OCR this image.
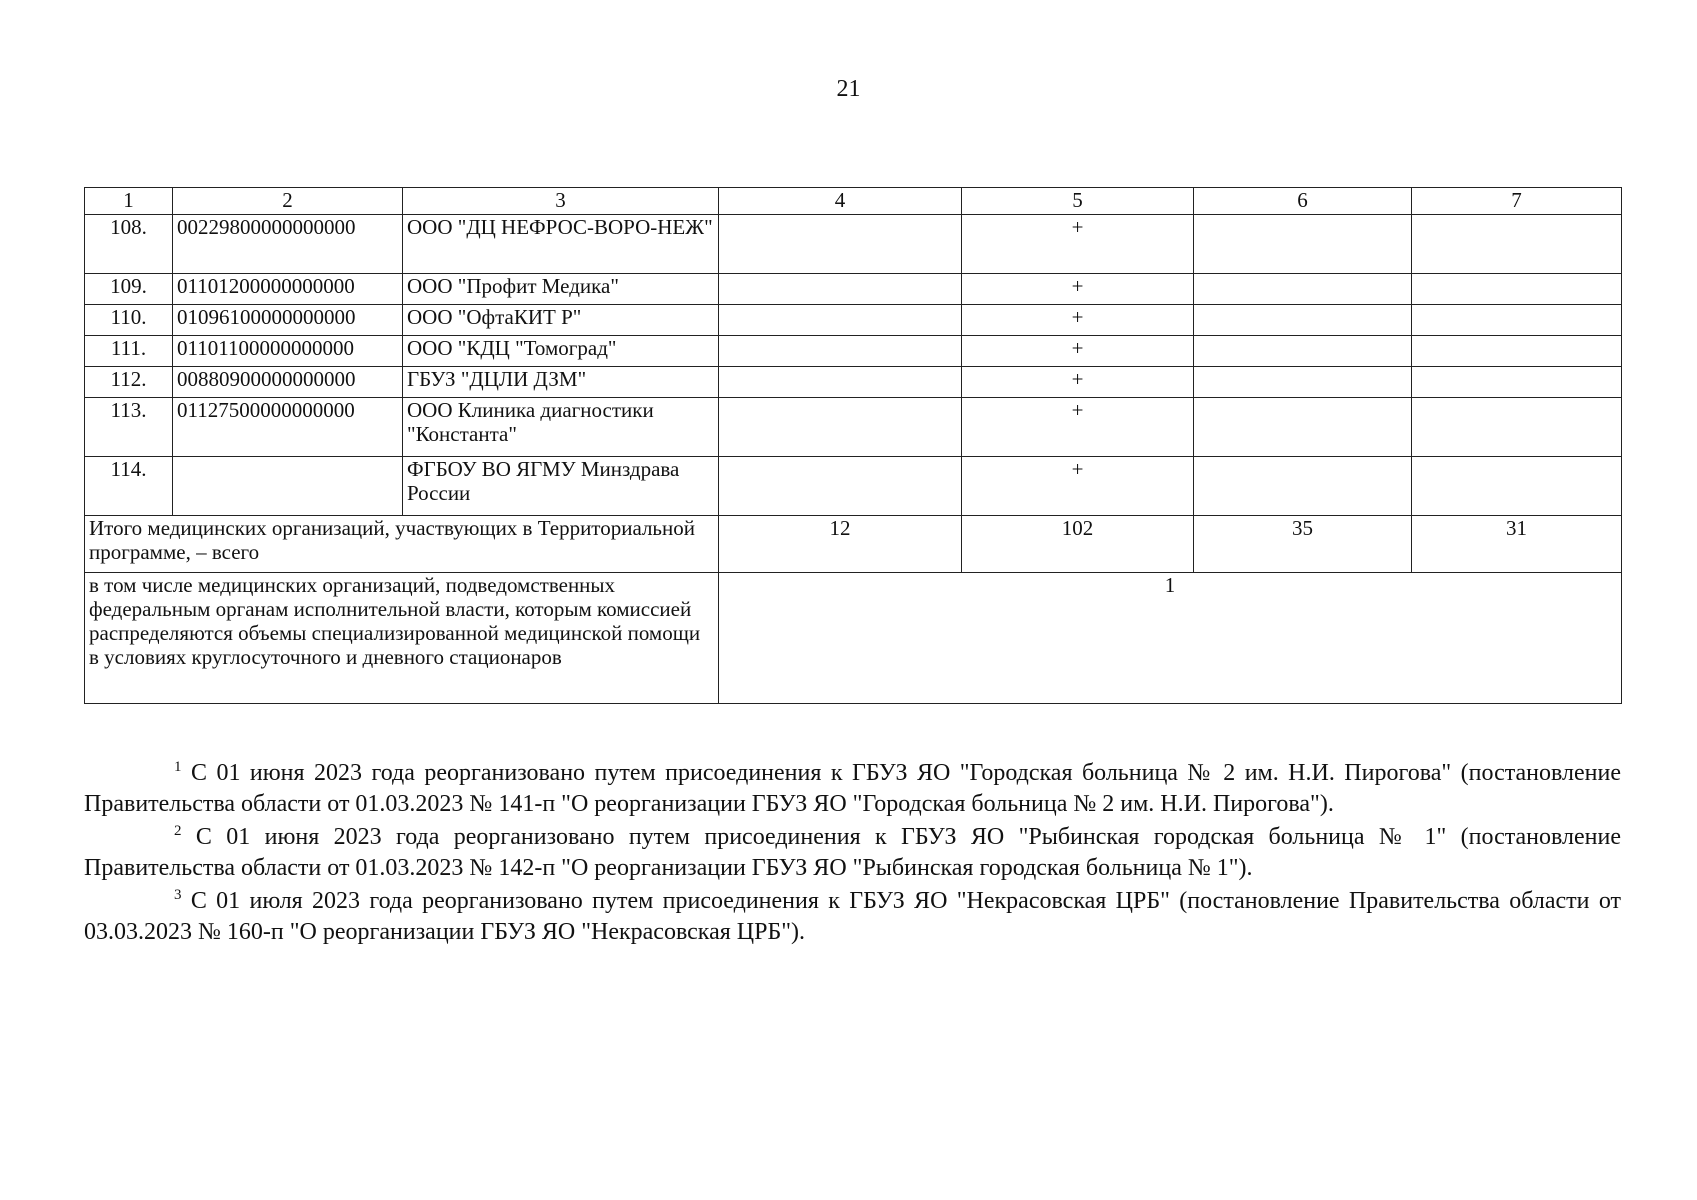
21
1	2	3	4	5	6	7
108.	00229800000000000	ООО "ДЦ НЕФРОС-ВОРО-НЕЖ"		+		
109.	01101200000000000	ООО "Профит Медика"		+		
110.	01096100000000000	ООО "ОфтаКИТ Р"		+		
111.	01101100000000000	ООО "КДЦ "Томоград"		+		
112.	00880900000000000	ГБУЗ "ДЦЛИ ДЗМ"		+		
113.	01127500000000000	ООО Клиника диагностики "Константа"		+		
114.		ФГБОУ ВО ЯГМУ Минздрава России		+		
Итого медицинских организаций, участвующих в Территориальной программе, – всего			12	102	35	31
в том числе медицинских организаций, подведомственных федеральным органам исполнительной власти, которым комиссией распределяются объемы специализированной медицинской помощи в условиях круглосуточного и дневного стационаров			1			

$^1$ С 01 июня 2023 года реорганизовано путем присоединения к ГБУЗ ЯО "Городская больница № 2 им. Н.И. Пирогова" (постановление Правительства области от 01.03.2023 № 141-п "О реорганизации ГБУЗ ЯО "Городская больница № 2 им. Н.И. Пирогова").

$^2$ С 01 июня 2023 года реорганизовано путем присоединения к ГБУЗ ЯО "Рыбинская городская больница № 1" (постановление Правительства области от 01.03.2023 № 142-п "О реорганизации ГБУЗ ЯО "Рыбинская городская больница № 1").

$^3$ С 01 июля 2023 года реорганизовано путем присоединения к ГБУЗ ЯО "Некрасовская ЦРБ" (постановление Правительства области от 03.03.2023 № 160-п "О реорганизации ГБУЗ ЯО "Некрасовская ЦРБ").
